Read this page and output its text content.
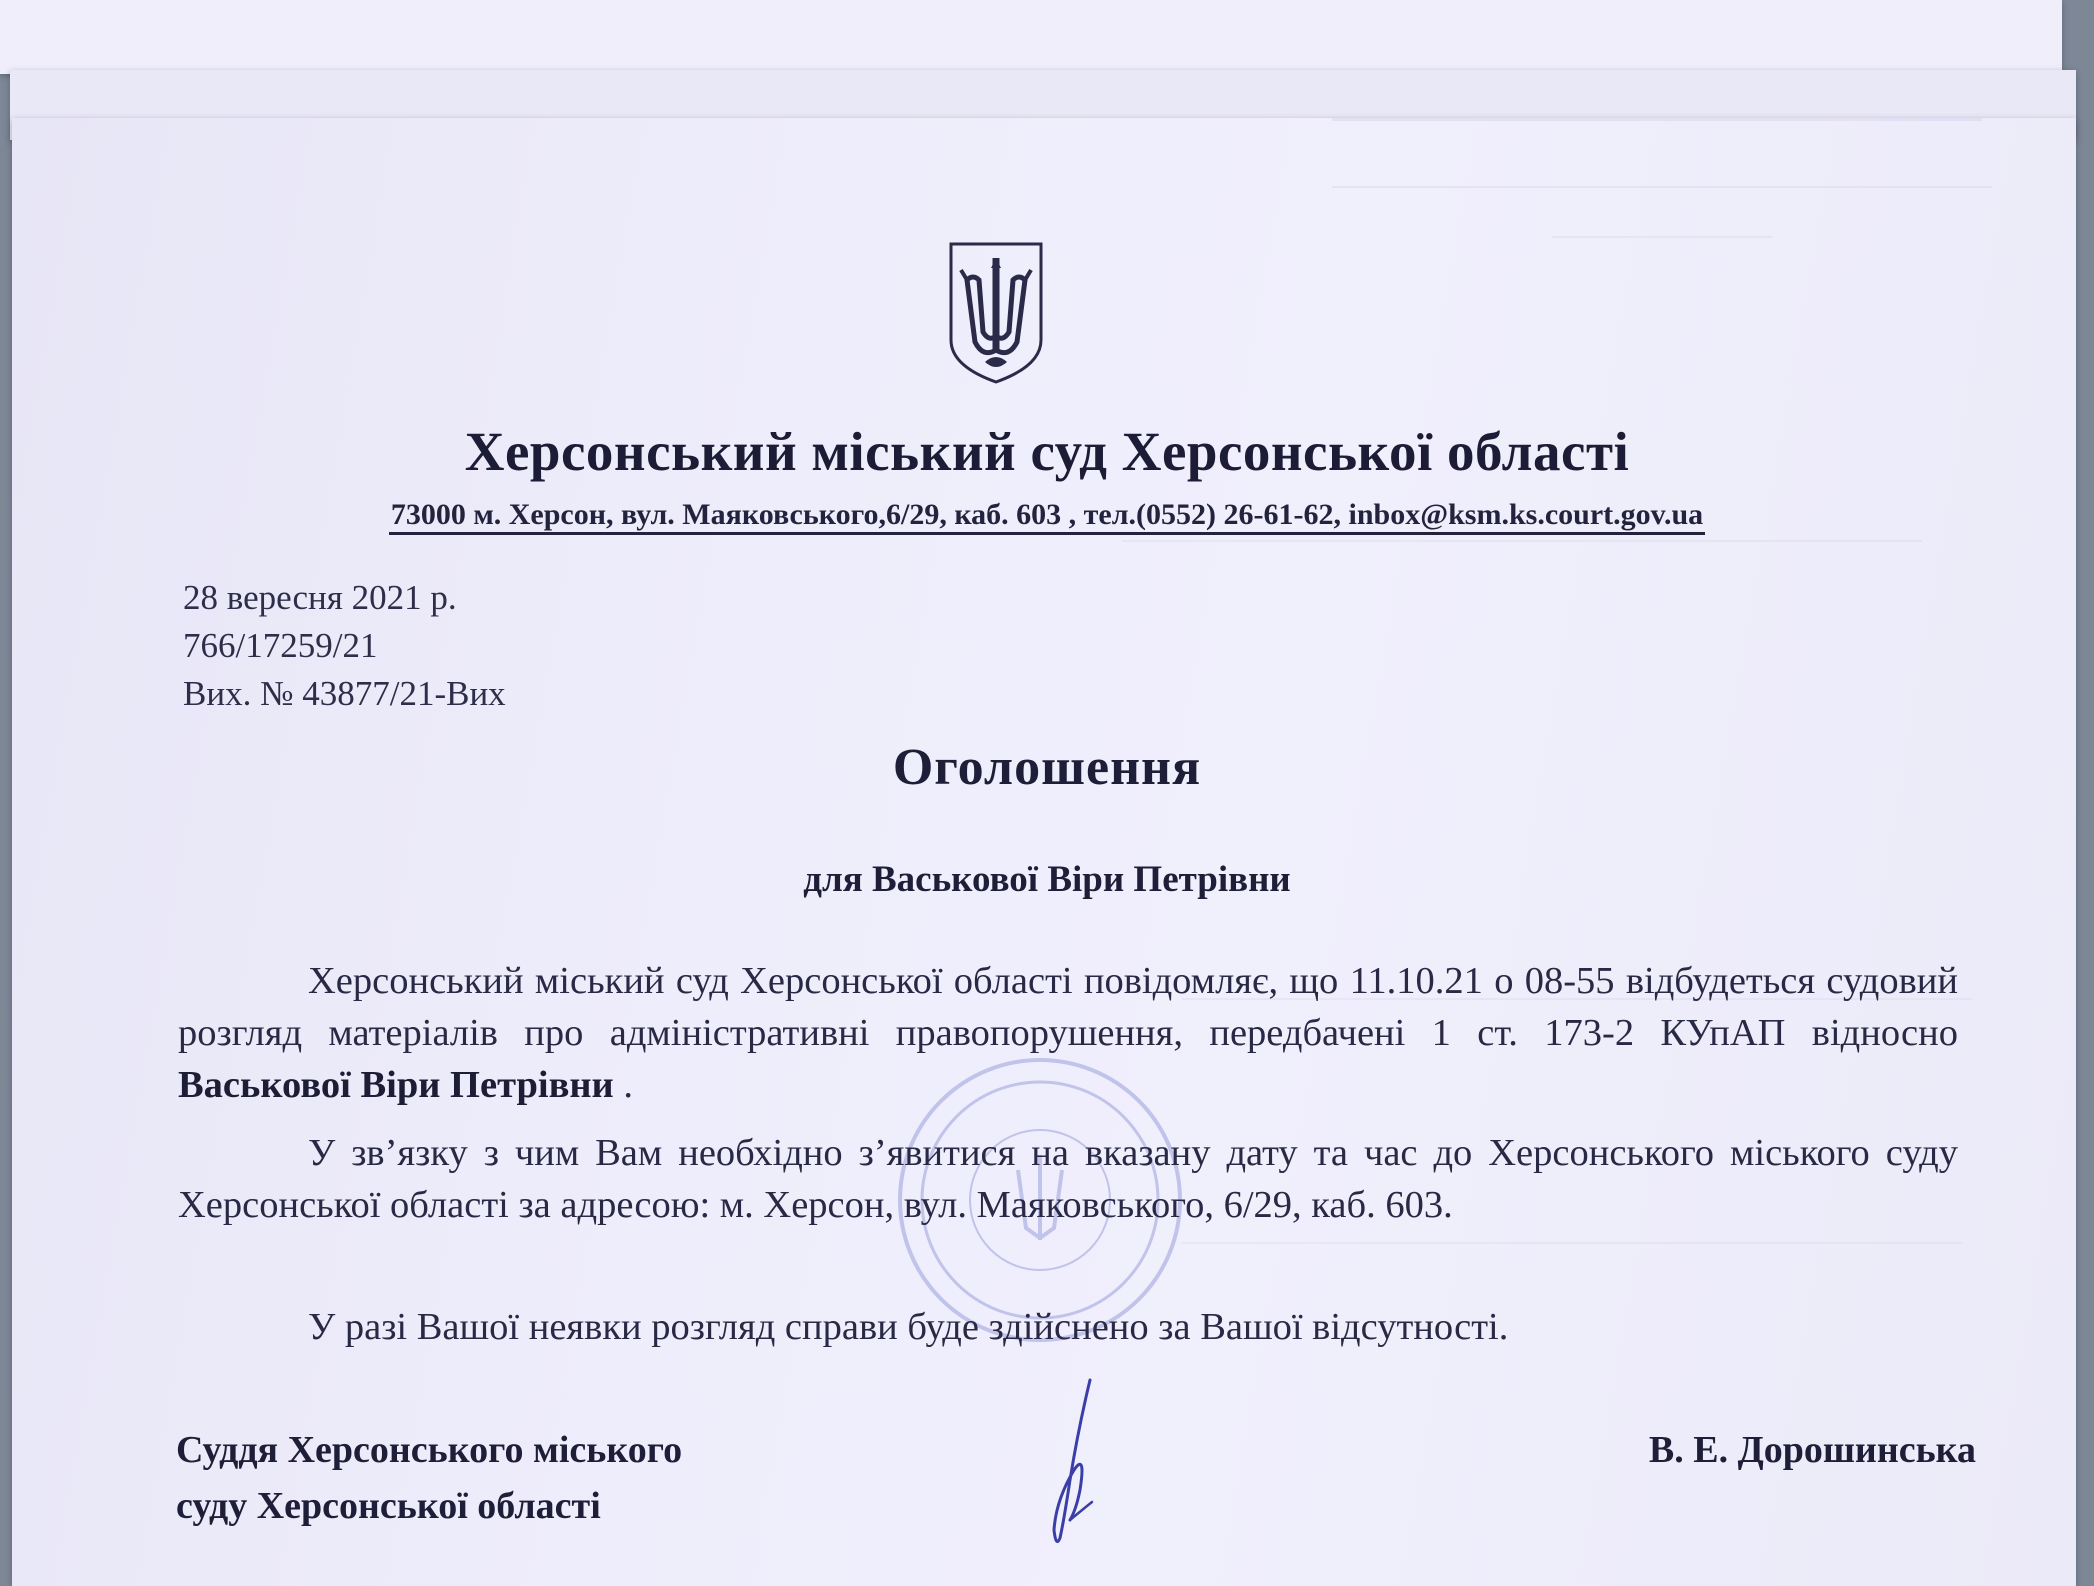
Херсонський міський суд Херсонської області
73000 м. Херсон, вул. Маяковського,6/29, каб. 603 , тел.(0552) 26-61-62, inbox@ksm.ks.court.gov.ua
28 вересня 2021 р.
766/17259/21
Вих. № 43877/21-Вих
Оголошення
для Васькової Віри Петрівни

Херсонський міський суд Херсонської області повідомляє, що 11.10.21 о 08-55 відбудеться судовий розгляд матеріалів про адміністративні правопорушення, передбачені 1 ст. 173-2 КУпАП відносно Васькової Віри Петрівни .

У зв’язку з чим Вам необхідно з’явитися на вказану дату та час до Херсонського міського суду Херсонської області за адресою: м. Херсон, вул. Маяковського, 6/29, каб. 603.

У разі Вашої неявки розгляд справи буде здійснено за Вашої відсутності.

Суддя Херсонського міського
суду Херсонської області
В. Е. Дорошинська
